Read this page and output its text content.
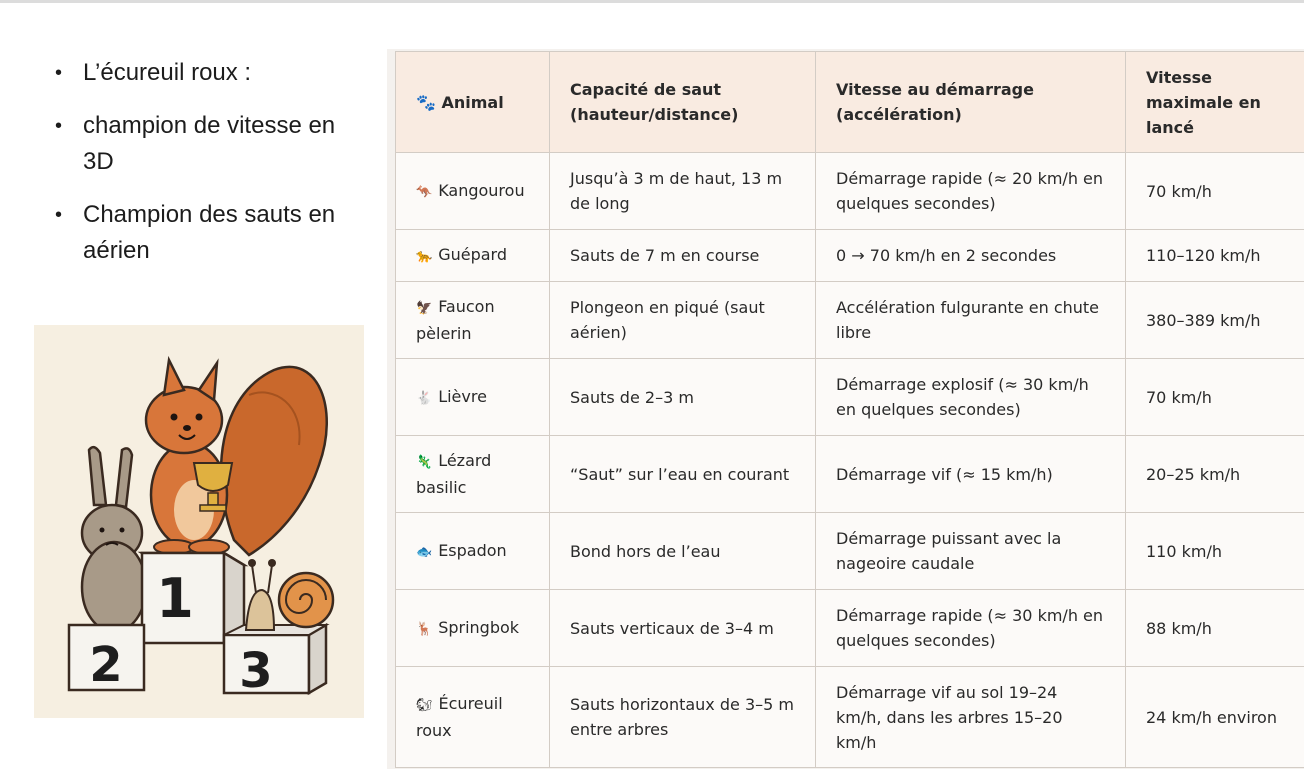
• L’écureuil roux :
• champion de vitesse en 3D
• Champion des sauts en aérien
1
2 3
🐾 Animal	Capacité de saut (hauteur/distance)	Vitesse au démarrage (accélération)	Vitesse maximale en lancé
🦘 Kangourou	Jusqu’à 3 m de haut, 13 m de long	Démarrage rapide (≈ 20 km/h en quelques secondes)	70 km/h
🐆 Guépard	Sauts de 7 m en course	0 → 70 km/h en 2 secondes	110–120 km/h
🦅 Faucon pèlerin	Plongeon en piqué (saut aérien)	Accélération fulgurante en chute libre	380–389 km/h
🐇 Lièvre	Sauts de 2–3 m	Démarrage explosif (≈ 30 km/h en quelques secondes)	70 km/h
🦎 Lézard basilic	“Saut” sur l’eau en courant	Démarrage vif (≈ 15 km/h)	20–25 km/h
🐟 Espadon	Bond hors de l’eau	Démarrage puissant avec la nageoire caudale	110 km/h
🦌 Springbok	Sauts verticaux de 3–4 m	Démarrage rapide (≈ 30 km/h en quelques secondes)	88 km/h
🐿 Écureuil roux	Sauts horizontaux de 3–5 m entre arbres	Démarrage vif au sol 19–24 km/h, dans les arbres 15–20 km/h	24 km/h environ
